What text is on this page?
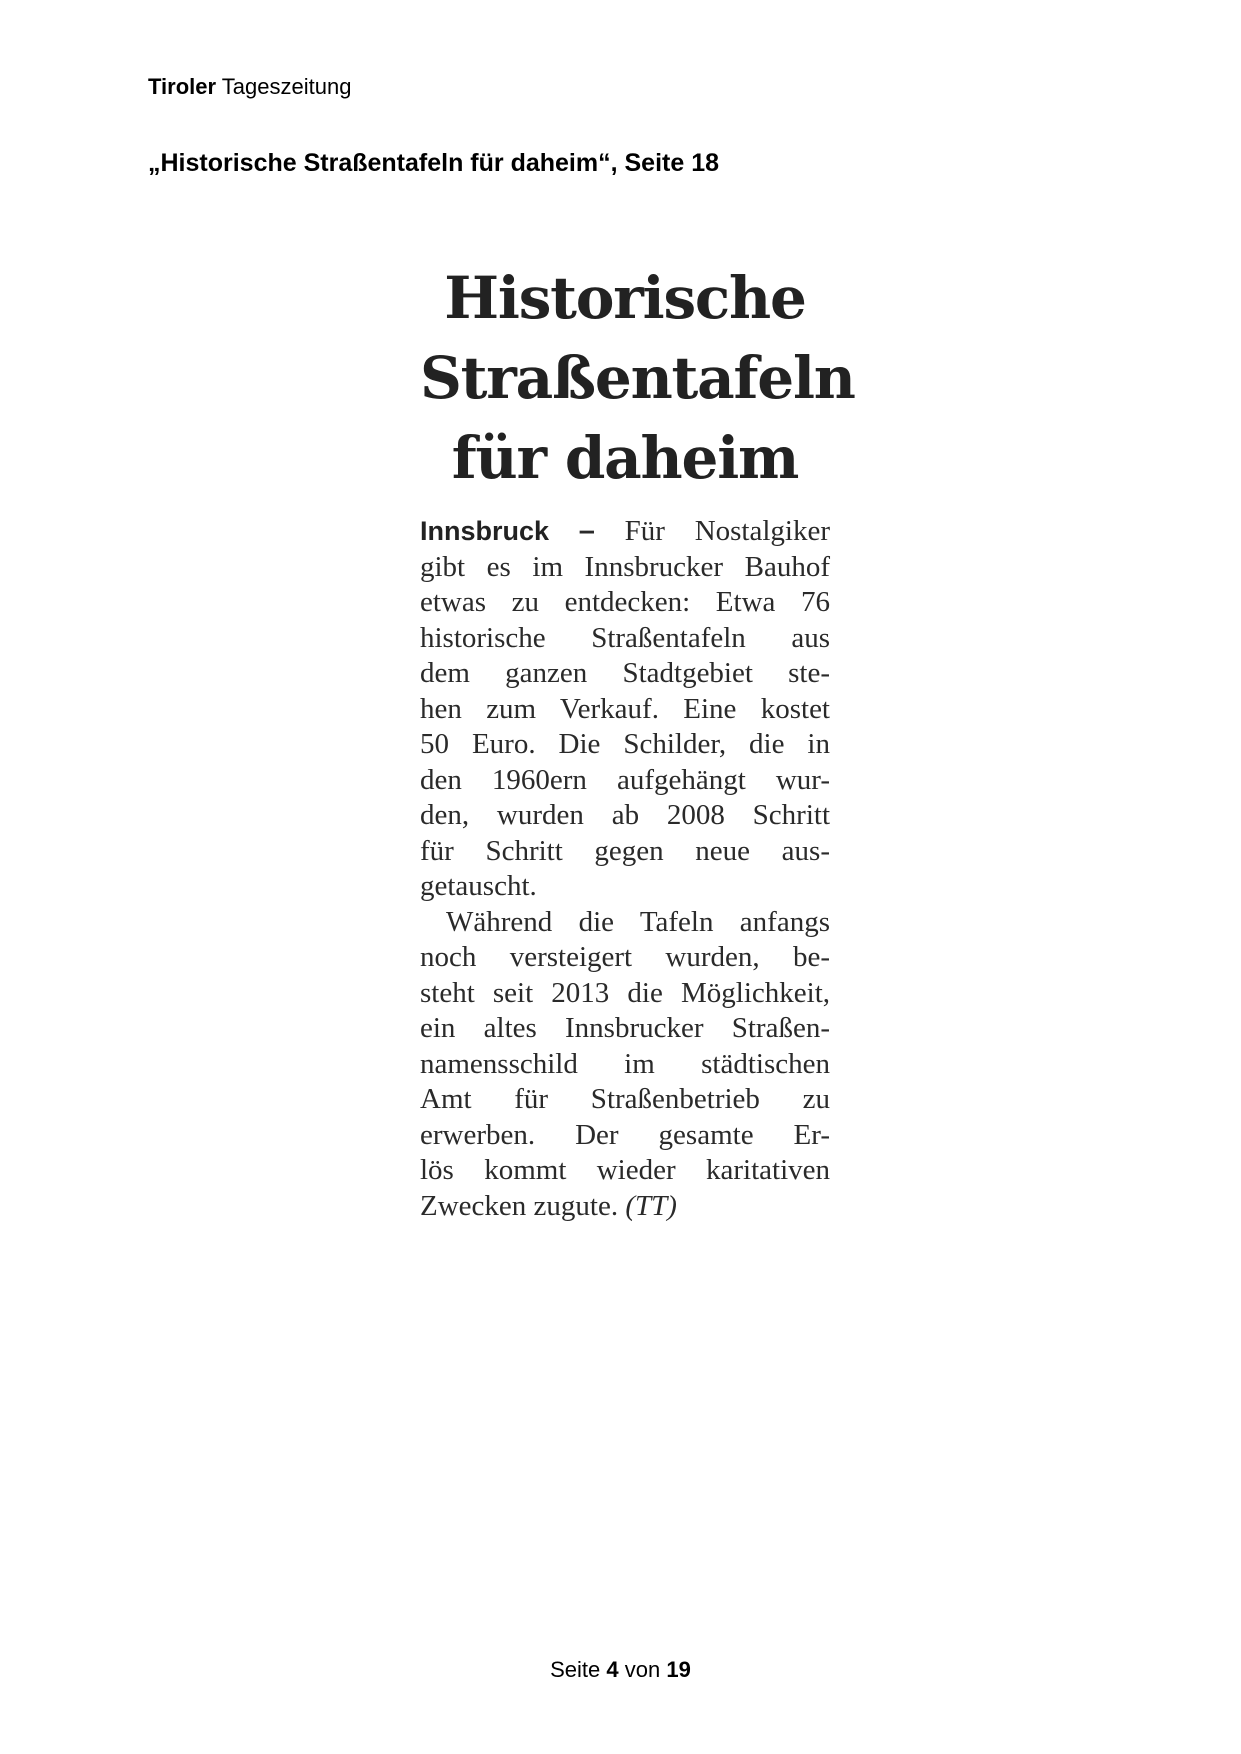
Tiroler Tageszeitung
„Historische Straßentafeln für daheim“, Seite 18
Historische
Straßentafeln
für daheim
Innsbruck – Für Nostalgiker
gibt es im Innsbrucker Bauhof
etwas zu entdecken: Etwa 76
historische Straßentafeln aus
dem ganzen Stadtgebiet ste-
hen zum Verkauf. Eine kostet
50 Euro. Die Schilder, die in
den 1960ern aufgehängt wur-
den, wurden ab 2008 Schritt
für Schritt gegen neue aus-
getauscht.
Während die Tafeln anfangs
noch versteigert wurden, be-
steht seit 2013 die Möglichkeit,
ein altes Innsbrucker Straßen-
namensschild im städtischen
Amt für Straßenbetrieb zu
erwerben. Der gesamte Er-
lös kommt wieder karitativen
Zwecken zugute. (TT)
Seite 4 von 19
